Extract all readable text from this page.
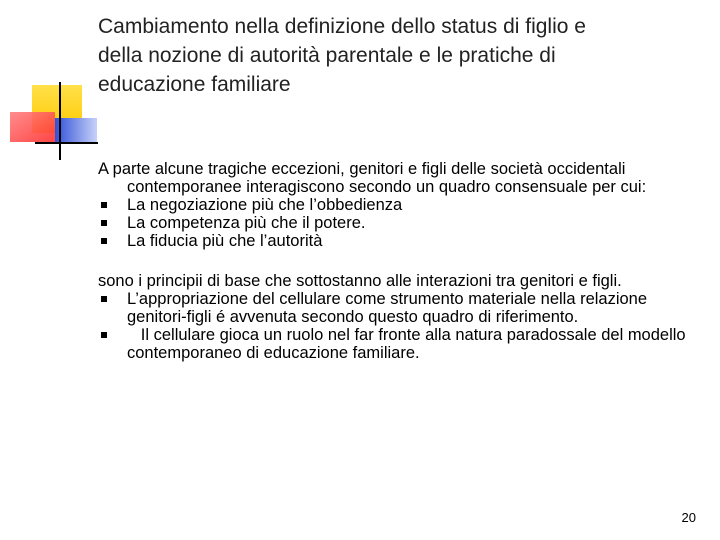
Cambiamento nella definizione dello status di figlio e
della nozione di autorità parentale e le pratiche di
educazione familiare

A parte alcune tragiche eccezioni, genitori e figli delle società occidentali contemporanee interagiscono secondo un quadro consensuale per cui:

La negoziazione più che l’obbedienza
La competenza più che il potere.
La fiducia più che l’autorità

sono i principii di base che sottostanno alle interazioni tra genitori e figli.

L’appropriazione del cellulare come strumento materiale nella relazione genitori-figli é avvenuta secondo questo quadro di riferimento.
Il cellulare gioca un ruolo nel far fronte alla natura paradossale del modello contemporaneo di educazione familiare.
20
